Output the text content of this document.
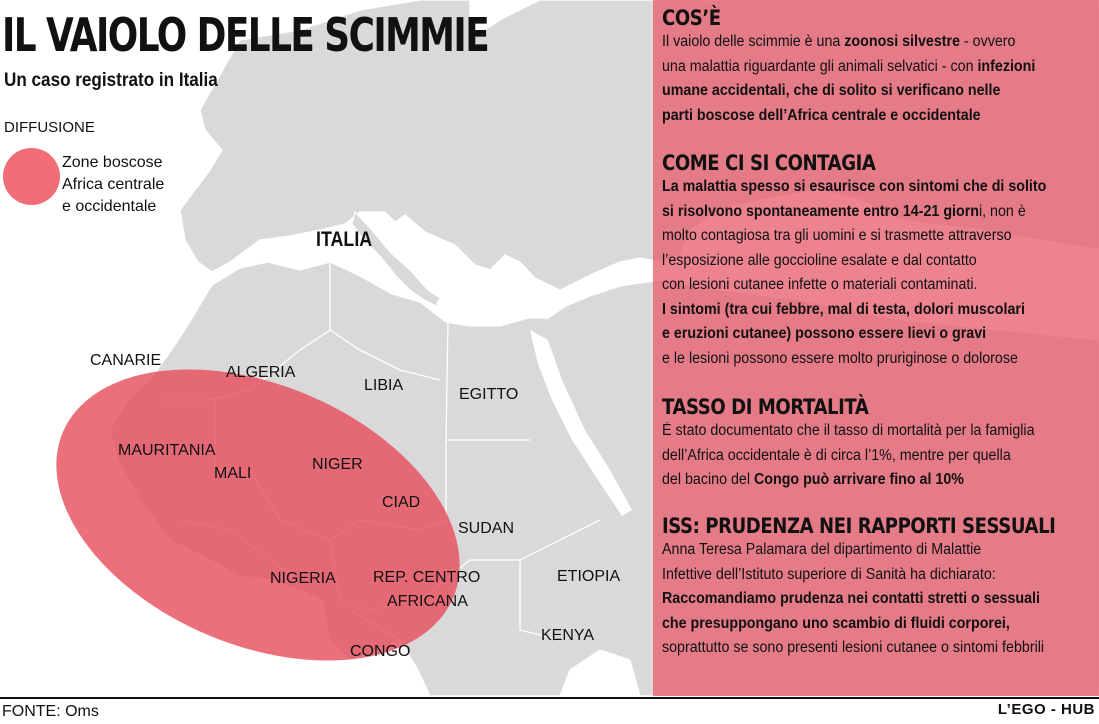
IL VAIOLO DELLE SCIMMIE
Un caso registrato in Italia
DIFFUSIONE
Zone boscose
Africa centrale
e occidentale
ITALIA
CANARIE
ALGERIA
LIBIA
EGITTO
MAURITANIA
MALI
NIGER
CIAD
SUDAN
NIGERIA REP. CENTRO
AFRICANA
ETIOPIA
KENYA
CONGO
COS’È
Il vaiolo delle scimmie è una zoonosi silvestre - ovvero
una malattia riguardante gli animali selvatici - con infezioni
umane accidentali, che di solito si verificano nelle
parti boscose dell’Africa centrale e occidentale
COME CI SI CONTAGIA
La malattia spesso si esaurisce con sintomi che di solito
si risolvono spontaneamente entro 14-21 giorni, non è
molto contagiosa tra gli uomini e si trasmette attraverso
l’esposizione alle goccioline esalate e dal contatto
con lesioni cutanee infette o materiali contaminati.
I sintomi (tra cui febbre, mal di testa, dolori muscolari
e eruzioni cutanee) possono essere lievi o gravi
e le lesioni possono essere molto pruriginose o dolorose
TASSO DI MORTALITÀ
È stato documentato che il tasso di mortalità per la famiglia
dell’Africa occidentale è di circa l’1%, mentre per quella
del bacino del Congo può arrivare fino al 10%
ISS: PRUDENZA NEI RAPPORTI SESSUALI
Anna Teresa Palamara del dipartimento di Malattie
Infettive dell’Istituto superiore di Sanità ha dichiarato:
Raccomandiamo prudenza nei contatti stretti o sessuali
che presuppongano uno scambio di fluidi corporei,
soprattutto se sono presenti lesioni cutanee o sintomi febbrili
FONTE: Oms	L’EGO - HUB
